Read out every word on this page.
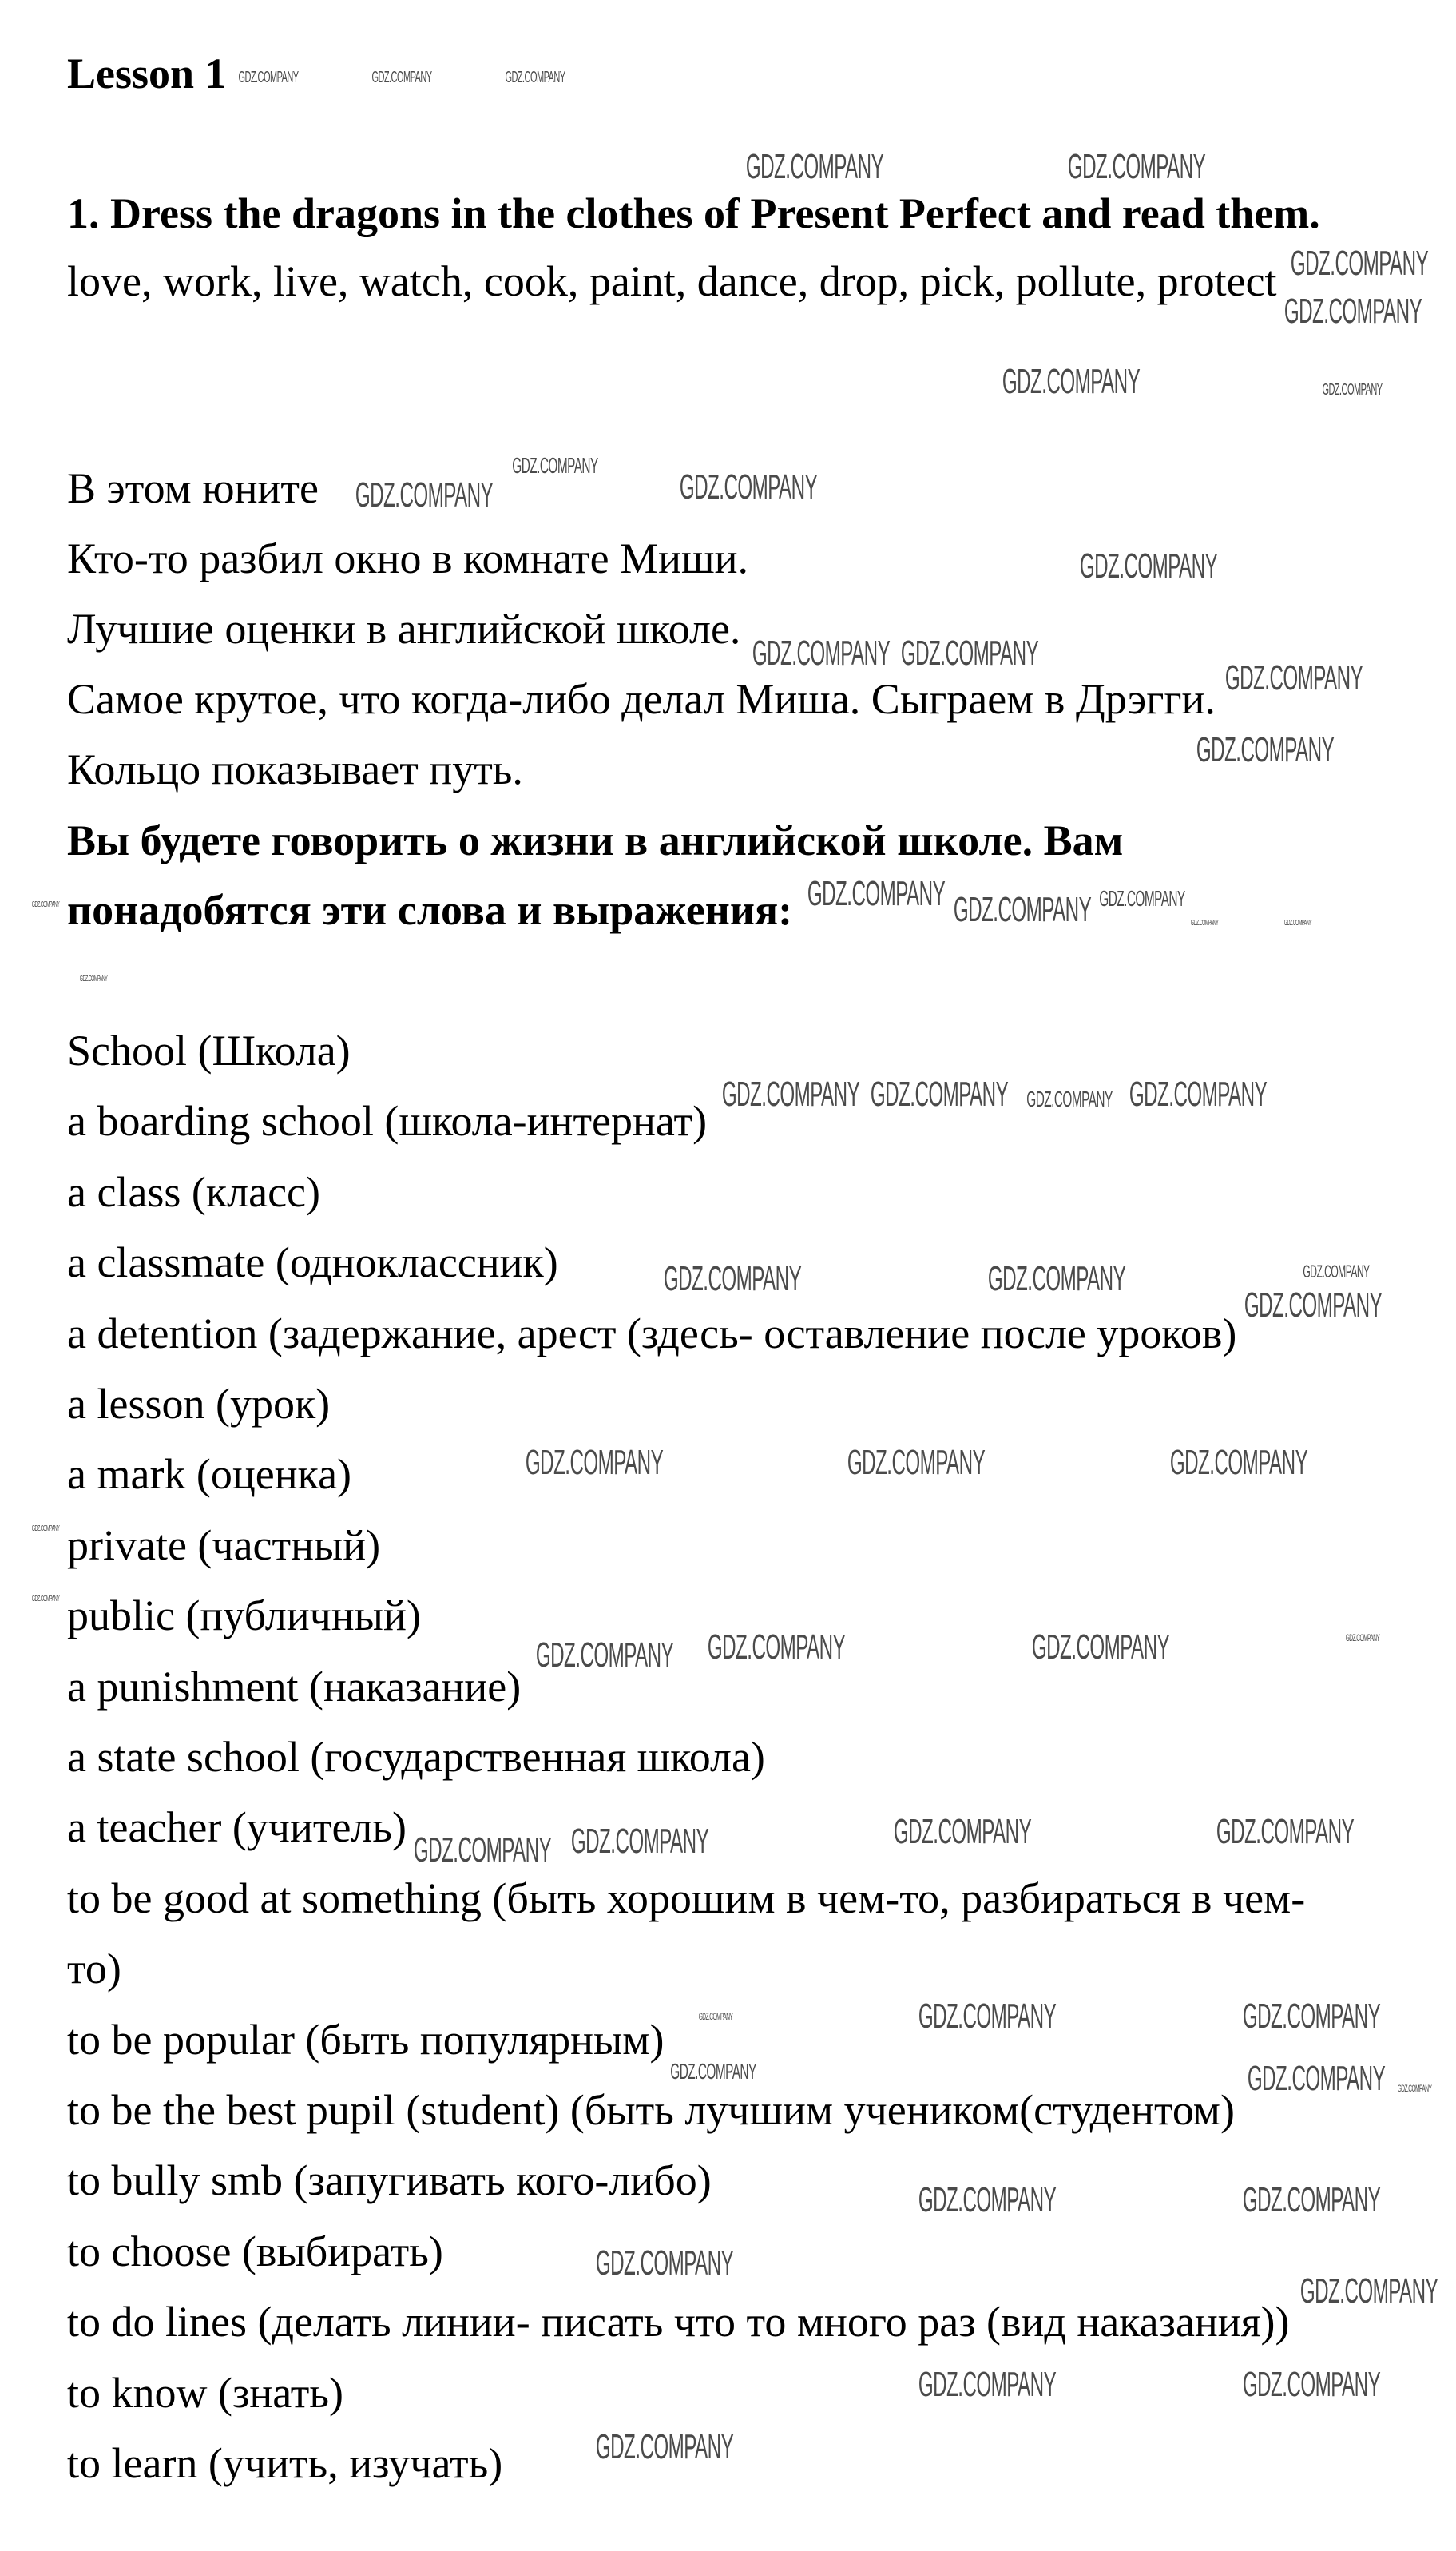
Lesson 1
1. Dress the dragons in the clothes of Present Perfect and read them.
love, work, live, watch, cook, paint, dance, drop, pick, pollute, protect
В этом юните
Кто-то разбил окно в комнате Миши.
Лучшие оценки в английской школе.
Самое крутое, что когда-либо делал Миша. Сыграем в Дрэгги.
Кольцо показывает путь.
Вы будете говорить о жизни в английской школе. Вам
понадобятся эти слова и выражения:
School (Школа)
a boarding school (школа-интернат)
a class (класс)
a classmate (одноклассник)
a detention (задержание, арест (здесь- оставление после уроков)
a lesson (урок)
a mark (оценка)
private (частный)
public (публичный)
a punishment (наказание)
a state school (государственная школа)
a teacher (учитель)
to be good at something (быть хорошим в чем-то, разбираться в чем-
то)
to be popular (быть популярным)
to be the best pupil (student) (быть лучшим учеником(студентом)
to bully smb (запугивать кого-либо)
to choose (выбирать)
to do lines (делать линии- писать что то много раз (вид наказания))
to know (знать)
to learn (учить, изучать)
GDZ.COMPANY	GDZ.COMPANY
GDZ.COMPANY
GDZ.COMPANY
GDZ.COMPANY
GDZ.COMPANY	GDZ.COMPANY
GDZ.COMPANY
GDZ.COMPANY
GDZ.COMPANY GDZ.COMPANY
GDZ.COMPANY
GDZ.COMPANY GDZ.COMPANY
GDZ.COMPANY GDZ.COMPANY	GDZ.COMPANY
GDZ.COMPANY	GDZ.COMPANY
GDZ.COMPANY
GDZ.COMPANY	GDZ.COMPANY	GDZ.COMPANY
GDZ.COMPANY GDZ.COMPANY	GDZ.COMPANY
GDZ.COMPANY GDZ.COMPANY	GDZ.COMPANY	GDZ.COMPANY
GDZ.COMPANY	GDZ.COMPANY
GDZ.COMPANY
GDZ.COMPANY	GDZ.COMPANY
GDZ.COMPANY
GDZ.COMPANY
GDZ.COMPANY	GDZ.COMPANY
GDZ.COMPANY
GDZ.COMPANY	GDZ.COMPANY	GDZ.COMPANY
GDZ.COMPANY
GDZ.COMPANY
GDZ.COMPANY
GDZ.COMPANY
GDZ.COMPANY
GDZ.COMPANY
GDZ.COMPANY
GDZ.COMPANY
GDZ.COMPANY
GDZ.COMPANY
GDZ.COMPANY	GDZ.COMPANY
GDZ.COMPANY
GDZ.COMPANY
GDZ.COMPANY
